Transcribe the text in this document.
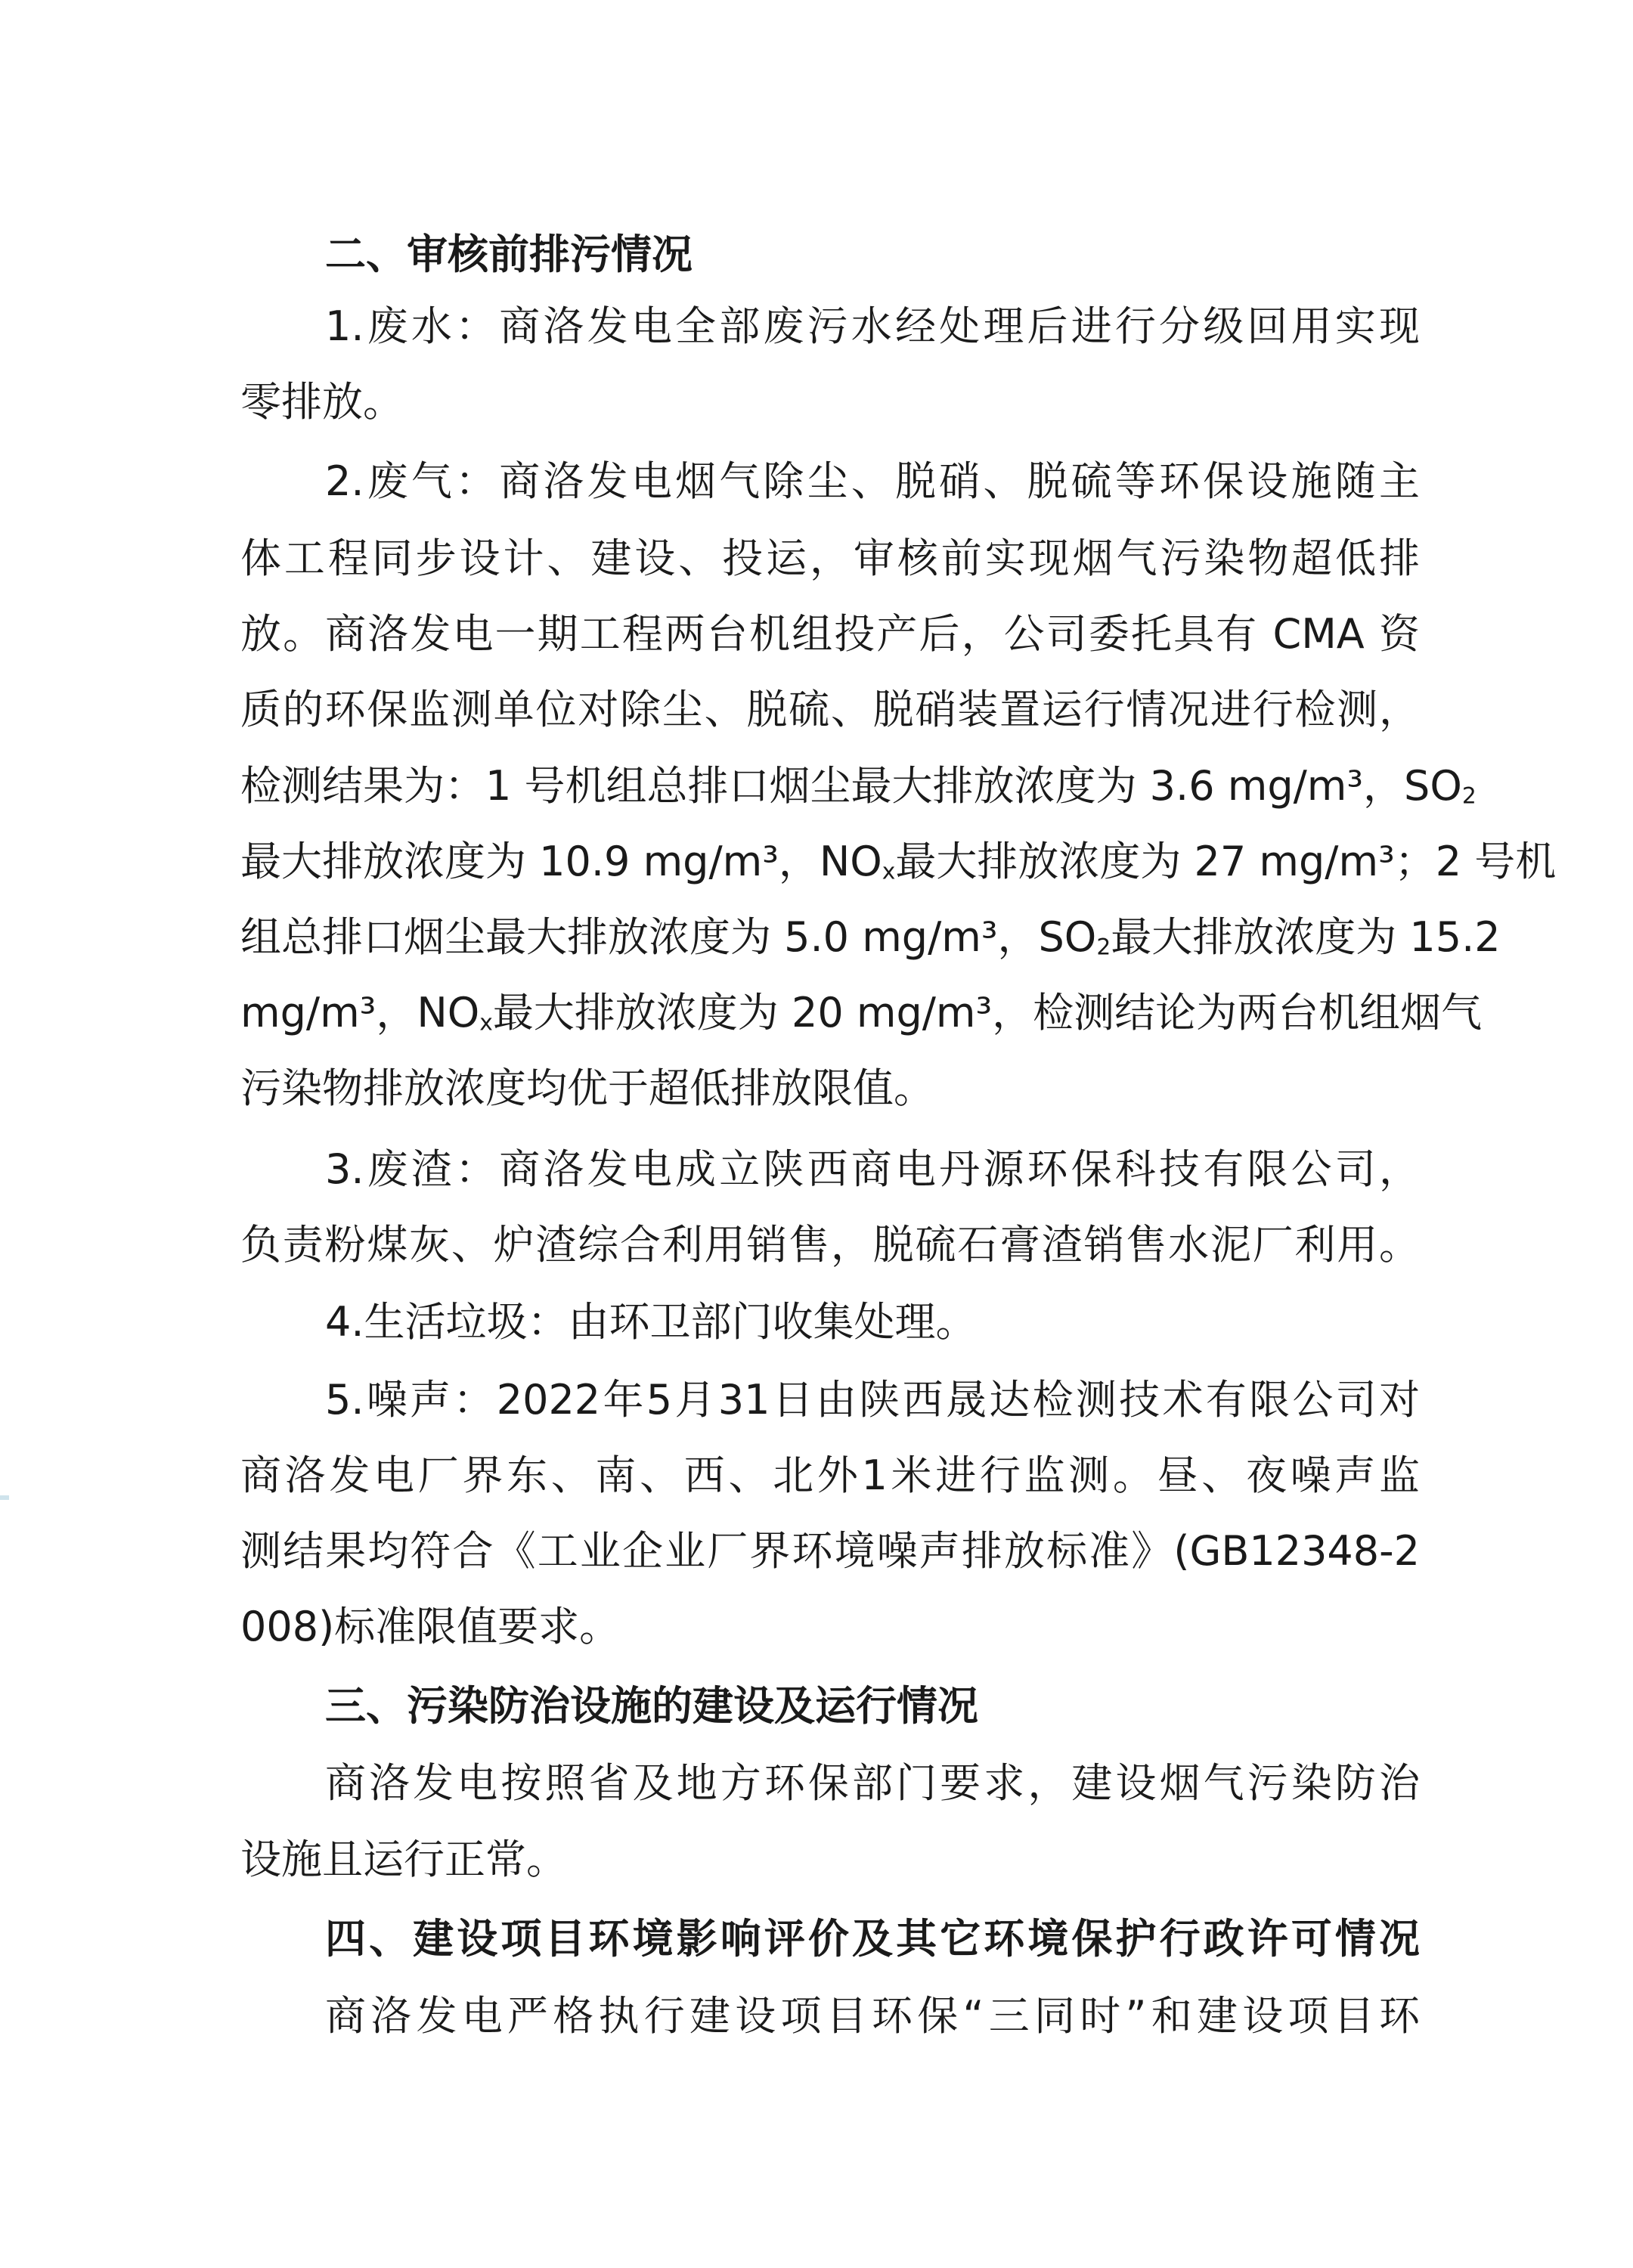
二、审核前排污情况
1.废水：商洛发电全部废污水经处理后进行分级回用实现
零排放。
2.废气：商洛发电烟气除尘、脱硝、脱硫等环保设施随主
体工程同步设计、建设、投运，审核前实现烟气污染物超低排
放。商洛发电一期工程两台机组投产后，公司委托具有 CMA 资
质的环保监测单位对除尘、脱硫、脱硝装置运行情况进行检测，
检测结果为：1 号机组总排口烟尘最大排放浓度为 3.6 mg/m³，$SO_2$
最大排放浓度为 10.9 mg/m³，$NO_x$最大排放浓度为 27 mg/m³；2 号机
组总排口烟尘最大排放浓度为 5.0 mg/m³，$SO_2$最大排放浓度为 15.2
mg/m³，$NO_x$最大排放浓度为 20 mg/m³，检测结论为两台机组烟气
污染物排放浓度均优于超低排放限值。
3.废渣：商洛发电成立陕西商电丹源环保科技有限公司，
负责粉煤灰、炉渣综合利用销售，脱硫石膏渣销售水泥厂利用。
4.生活垃圾：由环卫部门收集处理。
5.噪声：2022年5月31日由陕西晟达检测技术有限公司对
商洛发电厂界东、南、西、北外1米进行监测。昼、夜噪声监
测结果均符合《工业企业厂界环境噪声排放标准》(GB12348-2
008)标准限值要求。
三、污染防治设施的建设及运行情况
商洛发电按照省及地方环保部门要求，建设烟气污染防治
设施且运行正常。
四、建设项目环境影响评价及其它环境保护行政许可情况
商洛发电严格执行建设项目环保“三同时”和建设项目环
